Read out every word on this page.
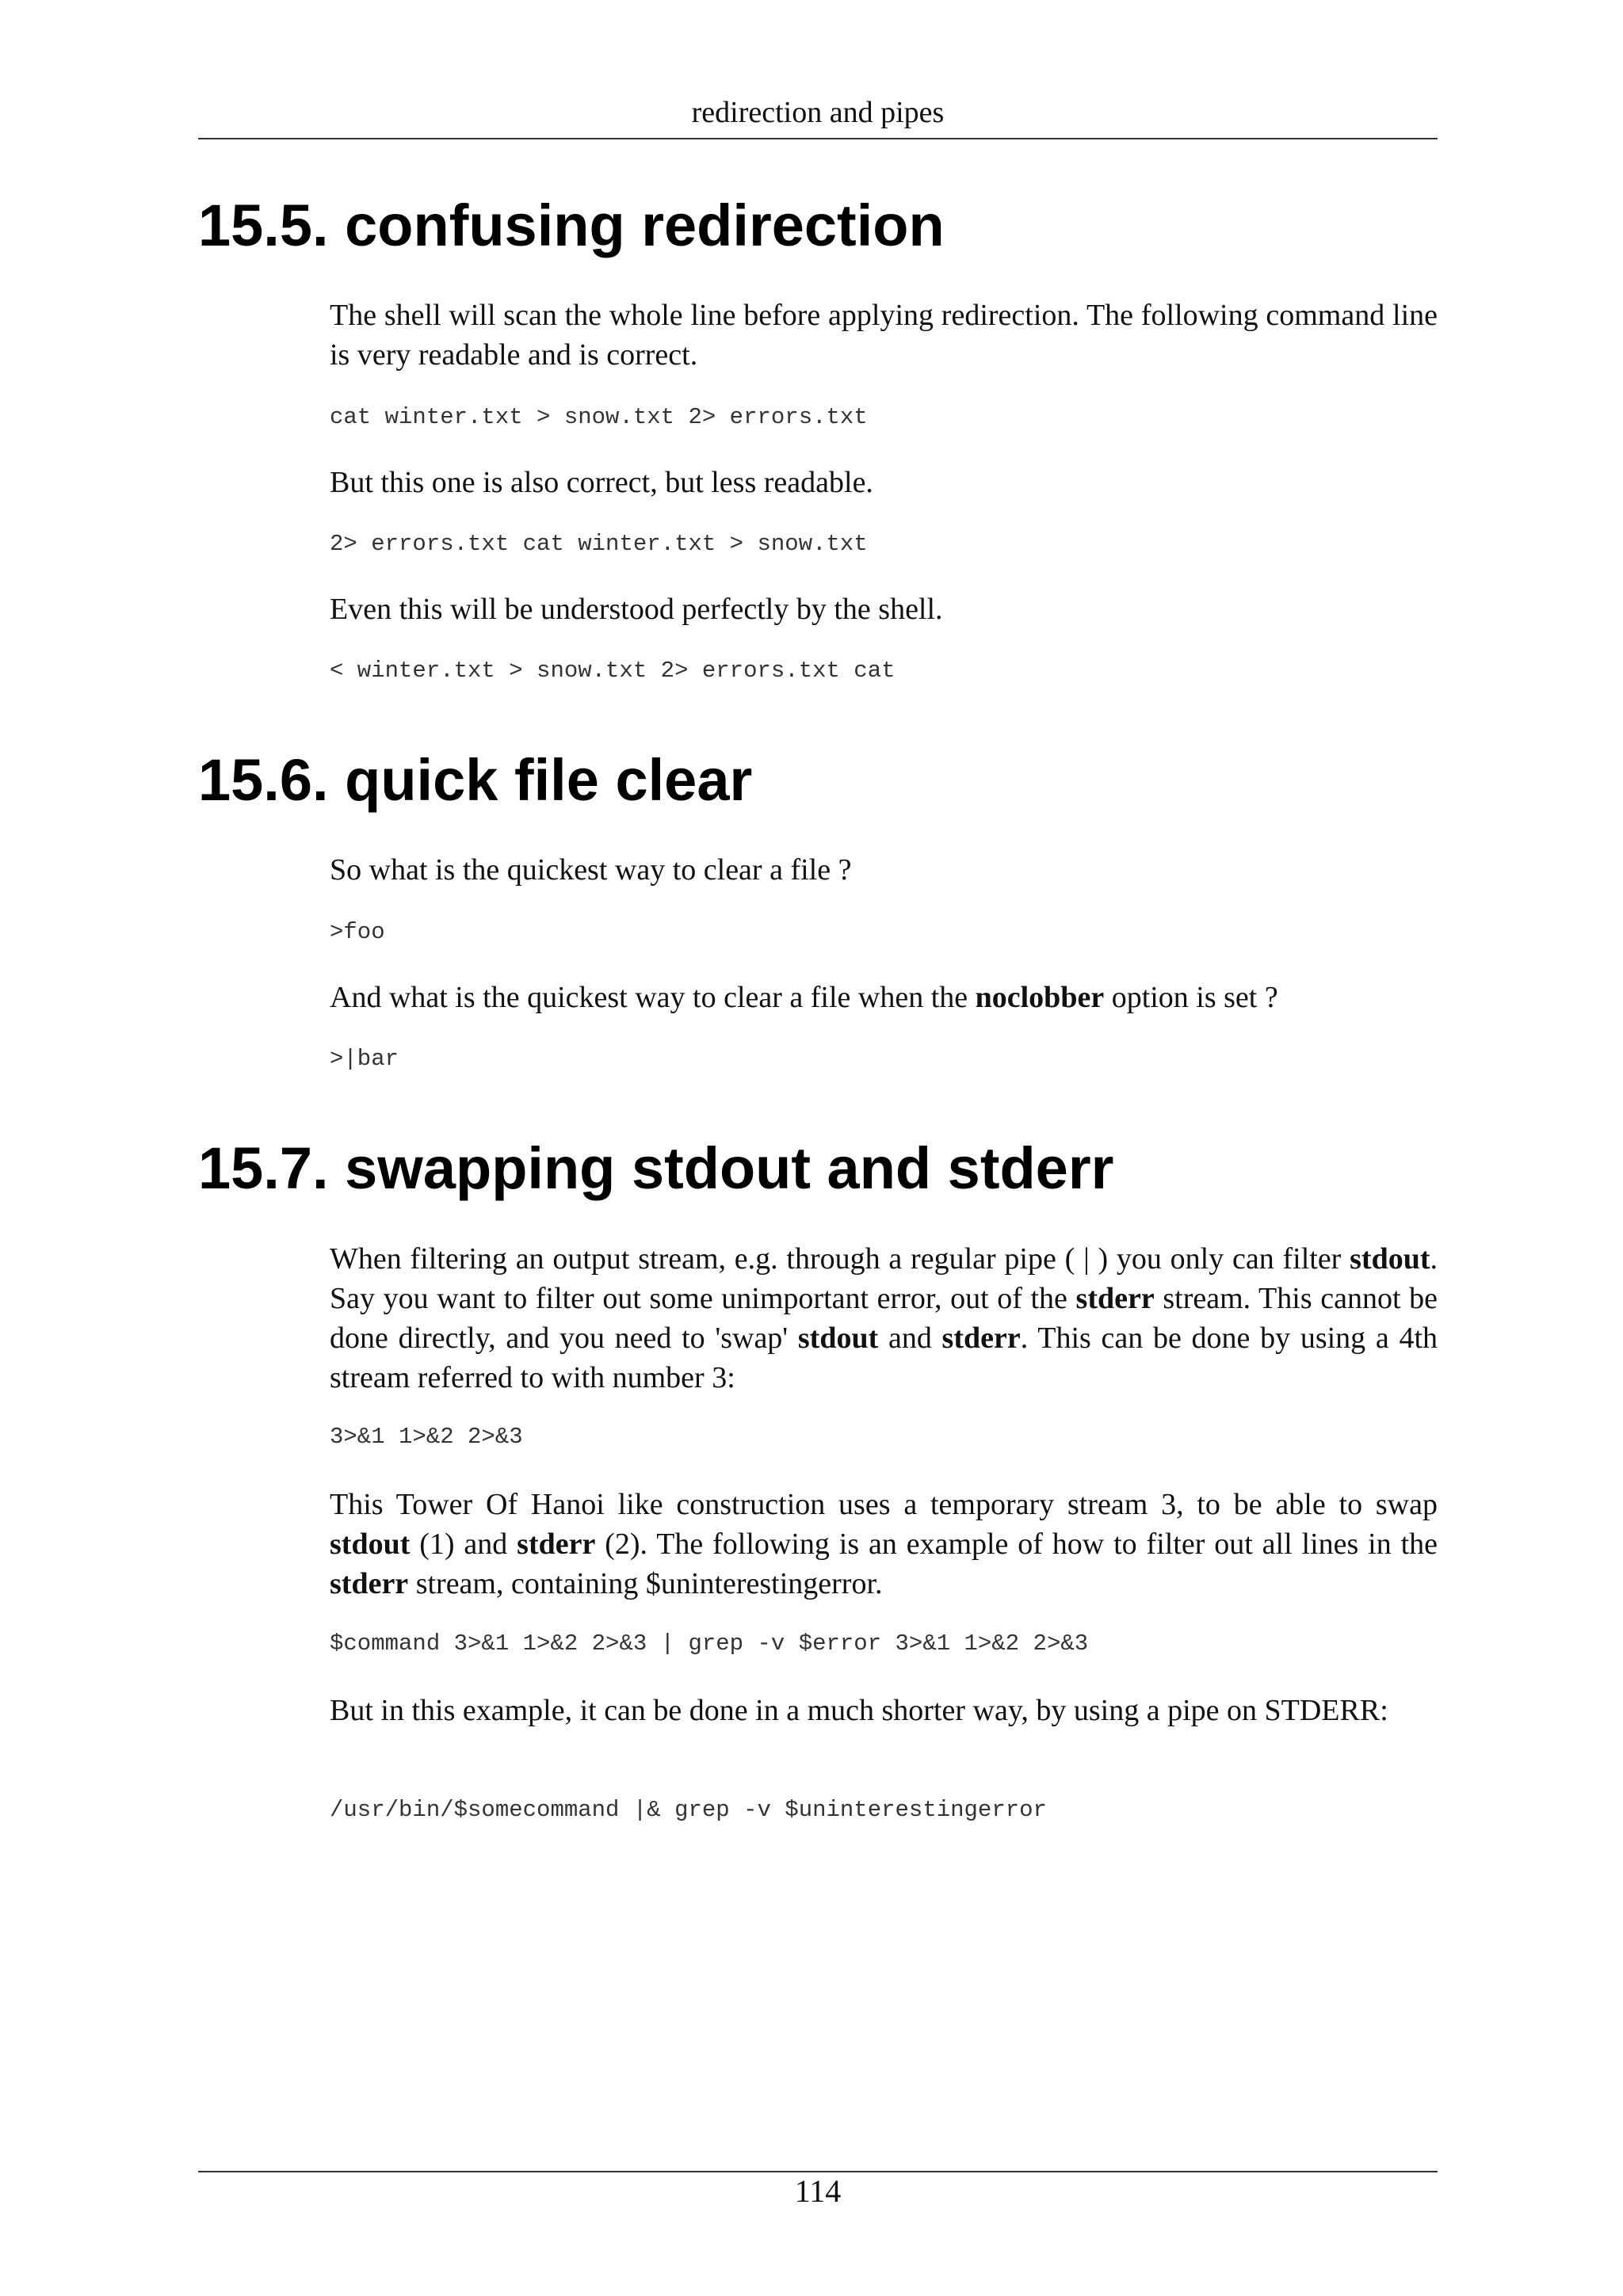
redirection and pipes
15.5. confusing redirection

The shell will scan the whole line before applying redirection. The following command line is very readable and is correct.

cat winter.txt > snow.txt 2> errors.txt

But this one is also correct, but less readable.

2> errors.txt cat winter.txt > snow.txt

Even this will be understood perfectly by the shell.

< winter.txt > snow.txt 2> errors.txt cat
15.6. quick file clear

So what is the quickest way to clear a file ?

>foo

And what is the quickest way to clear a file when the noclobber option is set ?

>|bar
15.7. swapping stdout and stderr

When filtering an output stream, e.g. through a regular pipe ( | ) you only can filter stdout. Say you want to filter out some unimportant error, out of the stderr stream. This cannot be done directly, and you need to 'swap' stdout and stderr. This can be done by using a 4th stream referred to with number 3:

3>&1 1>&2 2>&3

This Tower Of Hanoi like construction uses a temporary stream 3, to be able to swap stdout (1) and stderr (2). The following is an example of how to filter out all lines in the stderr stream, containing $uninterestingerror.

$command 3>&1 1>&2 2>&3 | grep -v $error 3>&1 1>&2 2>&3

But in this example, it can be done in a much shorter way, by using a pipe on STDERR:

/usr/bin/$somecommand |& grep -v $uninterestingerror
114
